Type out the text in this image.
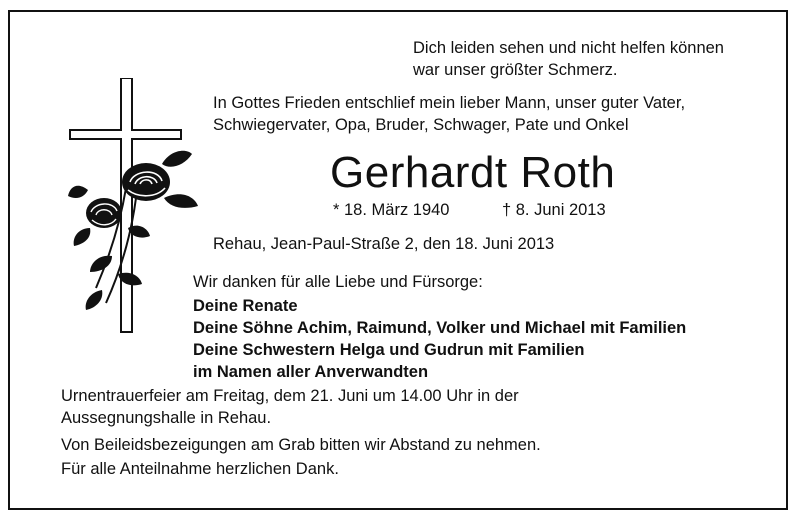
Dich leiden sehen und nicht helfen können
war unser größter Schmerz.
In Gottes Frieden entschlief mein lieber Mann, unser guter Vater,
Schwiegervater, Opa, Bruder, Schwager, Pate und Onkel
Gerhardt Roth
* 18. März 1940	† 8. Juni 2013
Rehau, Jean-Paul-Straße 2, den 18. Juni 2013
Wir danken für alle Liebe und Fürsorge:
Deine Renate
Deine Söhne Achim, Raimund, Volker und Michael mit Familien
Deine Schwestern Helga und Gudrun mit Familien
im Namen aller Anverwandten
Urnentrauerfeier am Freitag, dem 21. Juni um 14.00 Uhr in der
Aussegnungshalle in Rehau.
Von Beileidsbezeigungen am Grab bitten wir Abstand zu nehmen.
Für alle Anteilnahme herzlichen Dank.
